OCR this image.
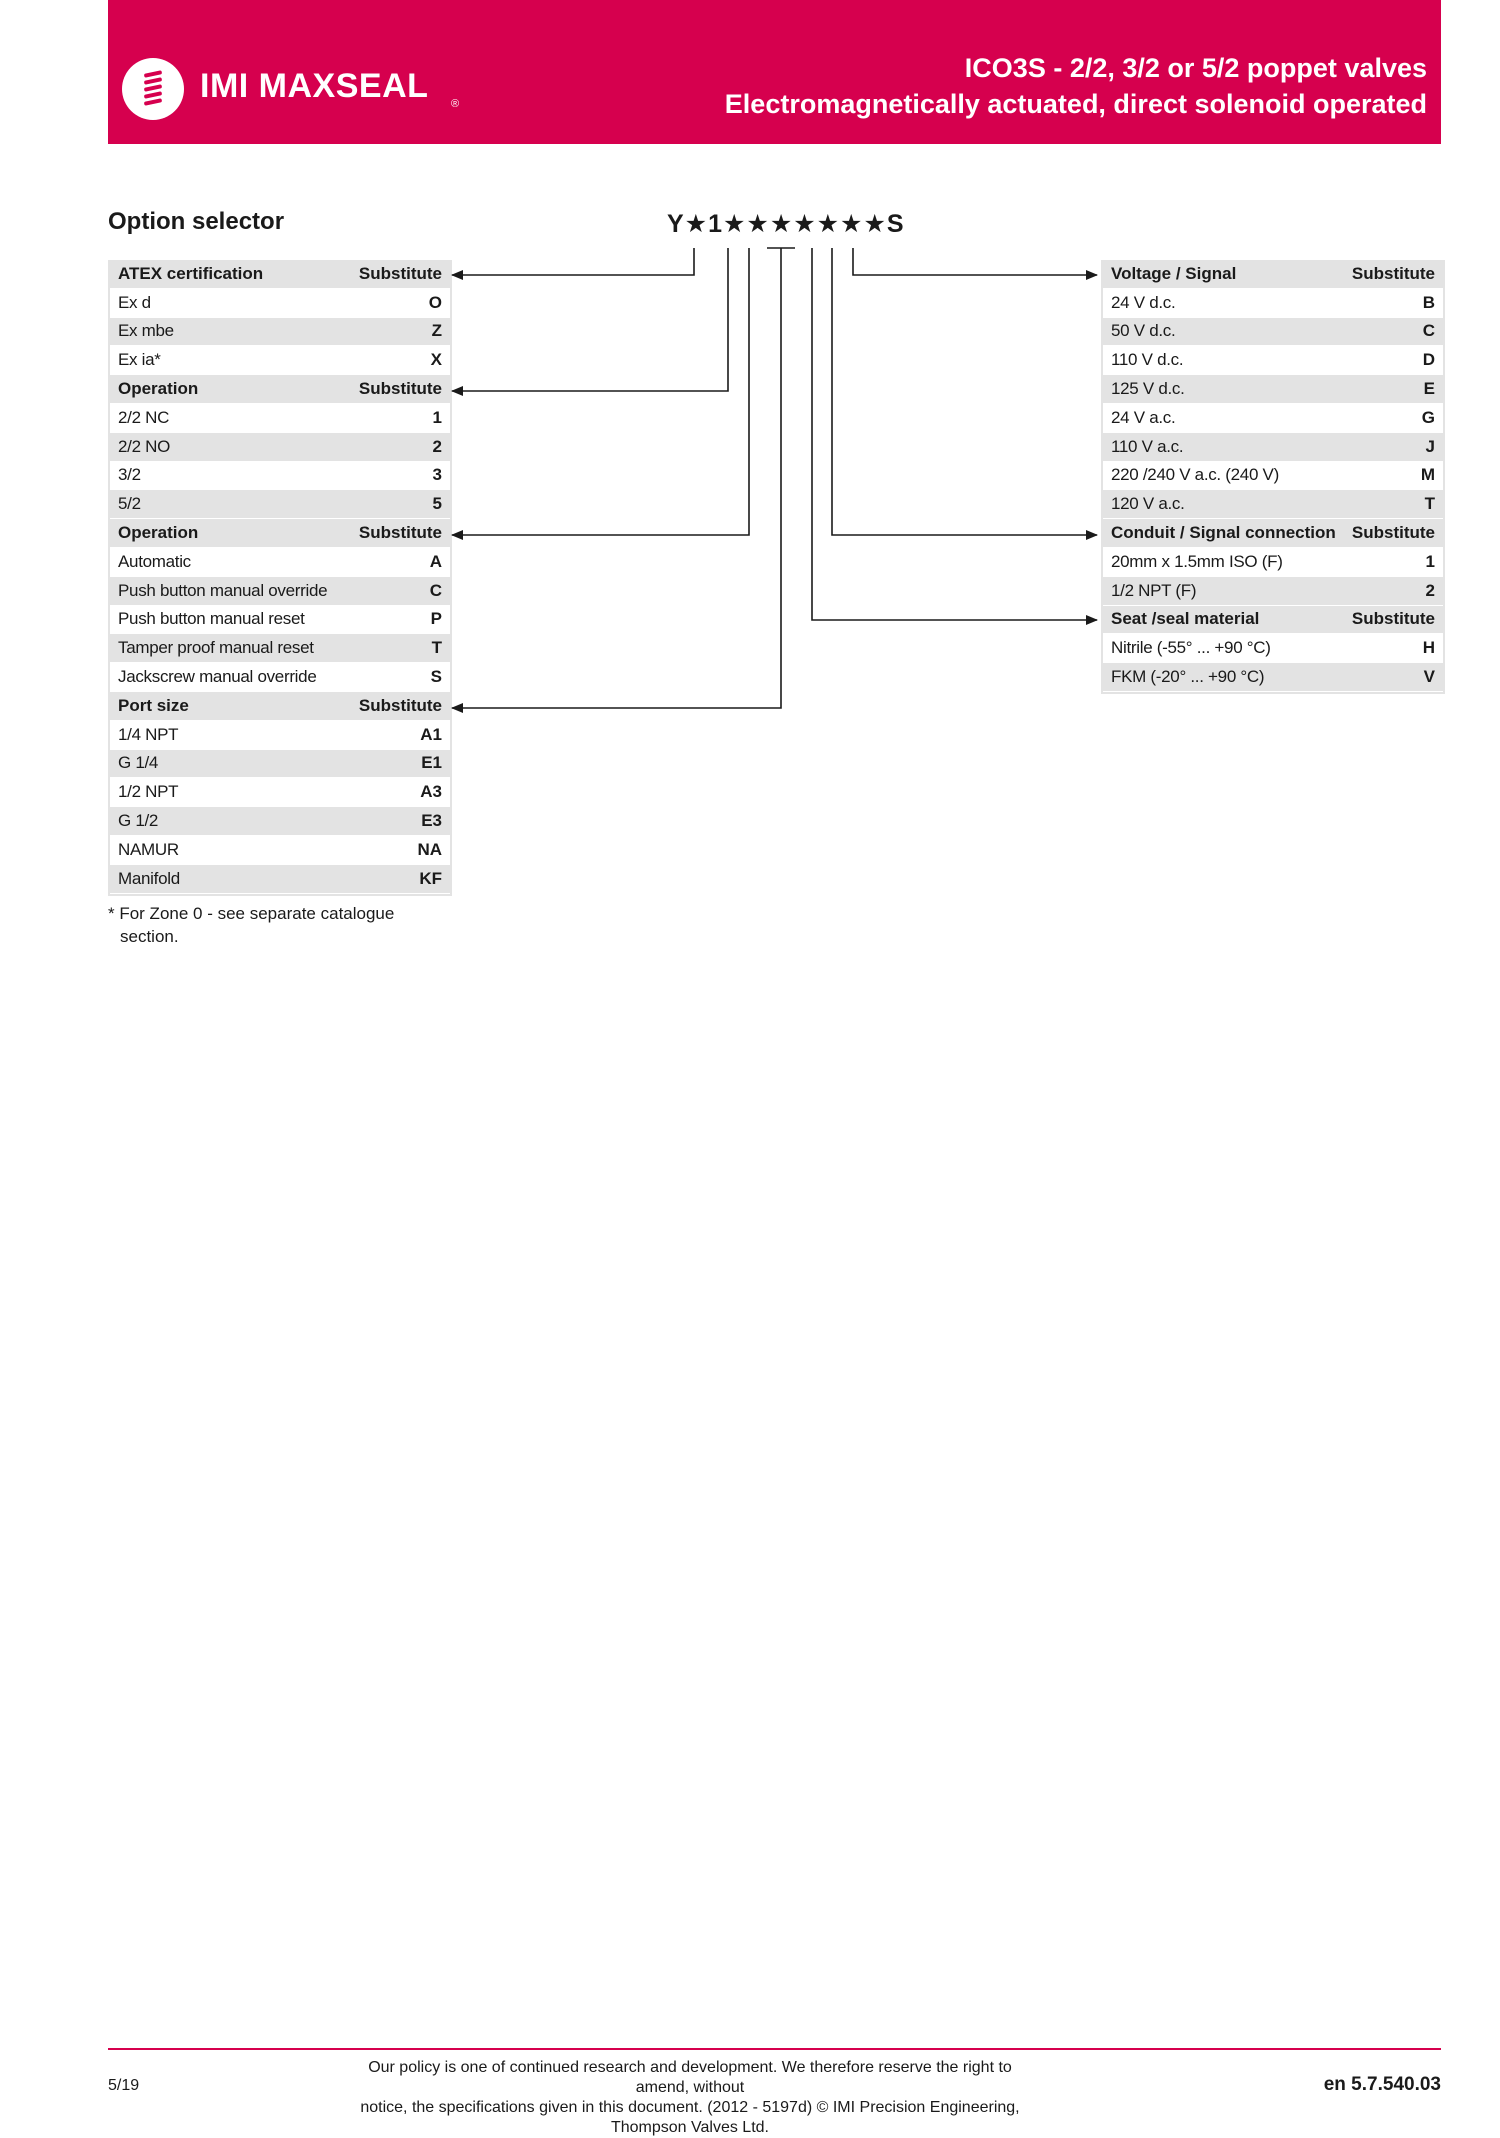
IMI MAXSEAL ®
ICO3S - 2/2, 3/2 or 5/2 poppet valves
Electromagnetically actuated, direct solenoid operated
Option selector	Y★1★★★★★★★S
ATEX certification	Substitute
Ex d	O
Ex mbe	Z
Ex ia*	X
Operation	Substitute
2/2 NC	1
2/2 NO	2
3/2	3
5/2	5
Operation	Substitute
Automatic	A
Push button manual override	C
Push button manual reset	P
Tamper proof manual reset	T
Jackscrew manual override	S
Port size	Substitute
1/4 NPT	A1
G 1/4	E1
1/2 NPT	A3
G 1/2	E3
NAMUR	NA
Manifold	KF
Voltage / Signal	Substitute
24 V d.c.	B
50 V d.c.	C
110 V d.c.	D
125 V d.c.	E
24 V a.c.	G
110 V a.c.	J
220 /240 V a.c. (240 V)	M
120 V a.c.	T
Conduit / Signal connection Substitute
20mm x 1.5mm ISO (F)	1
1/2 NPT (F)	2
Seat /seal material	Substitute
Nitrile (-55° ... +90 °C)	H
FKM (-20° ... +90 °C)	V
* For Zone 0 - see separate catalogue
section.
5/19
Our policy is one of continued research and development. We therefore reserve the right to amend, without
notice, the specifications given in this document. (2012 - 5197d) © IMI Precision Engineering, Thompson Valves Ltd.
en 5.7.540.03
